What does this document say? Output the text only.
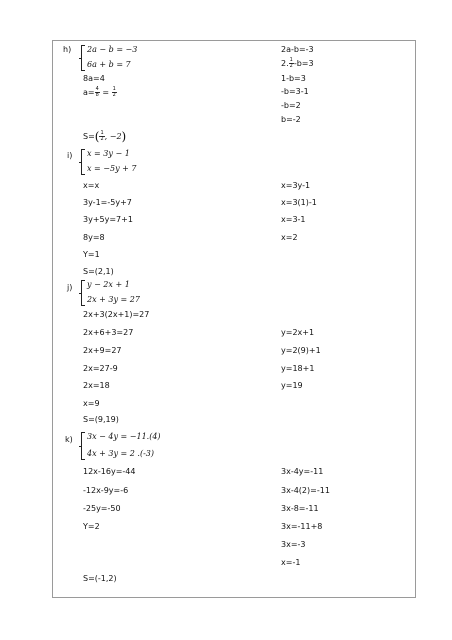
h) 2a − b = −3
6a + b = 7
8a=4
$a= \frac{4}{8} = \frac{1}{2}$
$S=( \frac{1}{2}$ , −2)
2a-b=-3
2. $\frac{1}{2} -b=3$
1-b=3
-b=3-1
-b=2
b=-2
i) x = 3y − 1
x = −5y + 7
x=x
3y-1=-5y+7
3y+5y=7+1
8y=8
Y=1
S=(2,1)
x=3y-1
x=3(1)-1
x=3-1
x=2
j) y − 2x + 1
2x + 3y = 27
2x+3(2x+1)=27
2x+6+3=27
2x+9=27
2x=27-9
2x=18
x=9
S=(9,19)
y=2x+1
y=2(9)+1
y=18+1
y=19
k) 3x − 4y = −11.(4)
4x + 3y = 2 .(-3)
12x-16y=-44
-12x-9y=-6
-25y=-50
Y=2
3x-4y=-11
3x-4(2)=-11
3x-8=-11
3x=-11+8
3x=-3
x=-1
S=(-1,2)
